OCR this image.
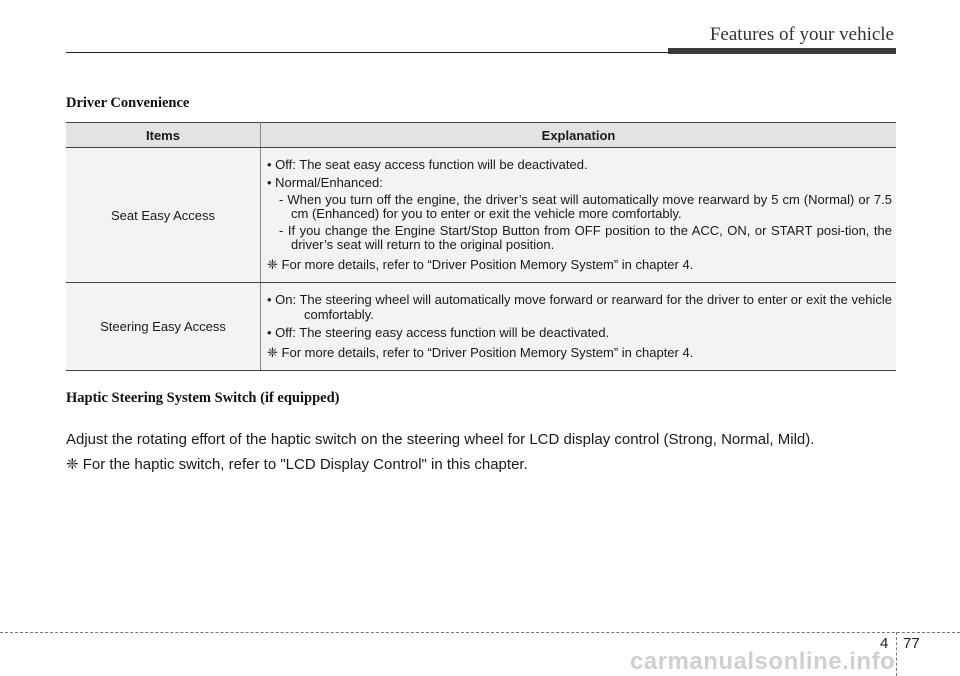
Features of your vehicle
Driver Convenience
Items	Explanation
Seat Easy Access	• Off: The seat easy access function will be deactivated.
• Normal/Enhanced:
- When you turn off the engine, the driver’s seat will automatically move rearward by 5 cm (Normal) or 7.5 cm (Enhanced) for you to enter or exit the vehicle more comfortably.
- If you change the Engine Start/Stop Button from OFF position to the ACC, ON, or START posi-tion, the driver’s seat will return to the original position.
❈ For more details, refer to “Driver Position Memory System” in chapter 4.

Steering Easy Access	• On: The steering wheel will automatically move forward or rearward for the driver to enter or exit the vehicle comfortably.
• Off: The steering easy access function will be deactivated.
❈ For more details, refer to “Driver Position Memory System” in chapter 4.
Haptic Steering System Switch (if equipped)
Adjust the rotating effort of the haptic switch on the steering wheel for LCD display control (Strong, Normal, Mild).
❈ For the haptic switch, refer to "LCD Display Control" in this chapter.
4 77
carmanualsonline.info
